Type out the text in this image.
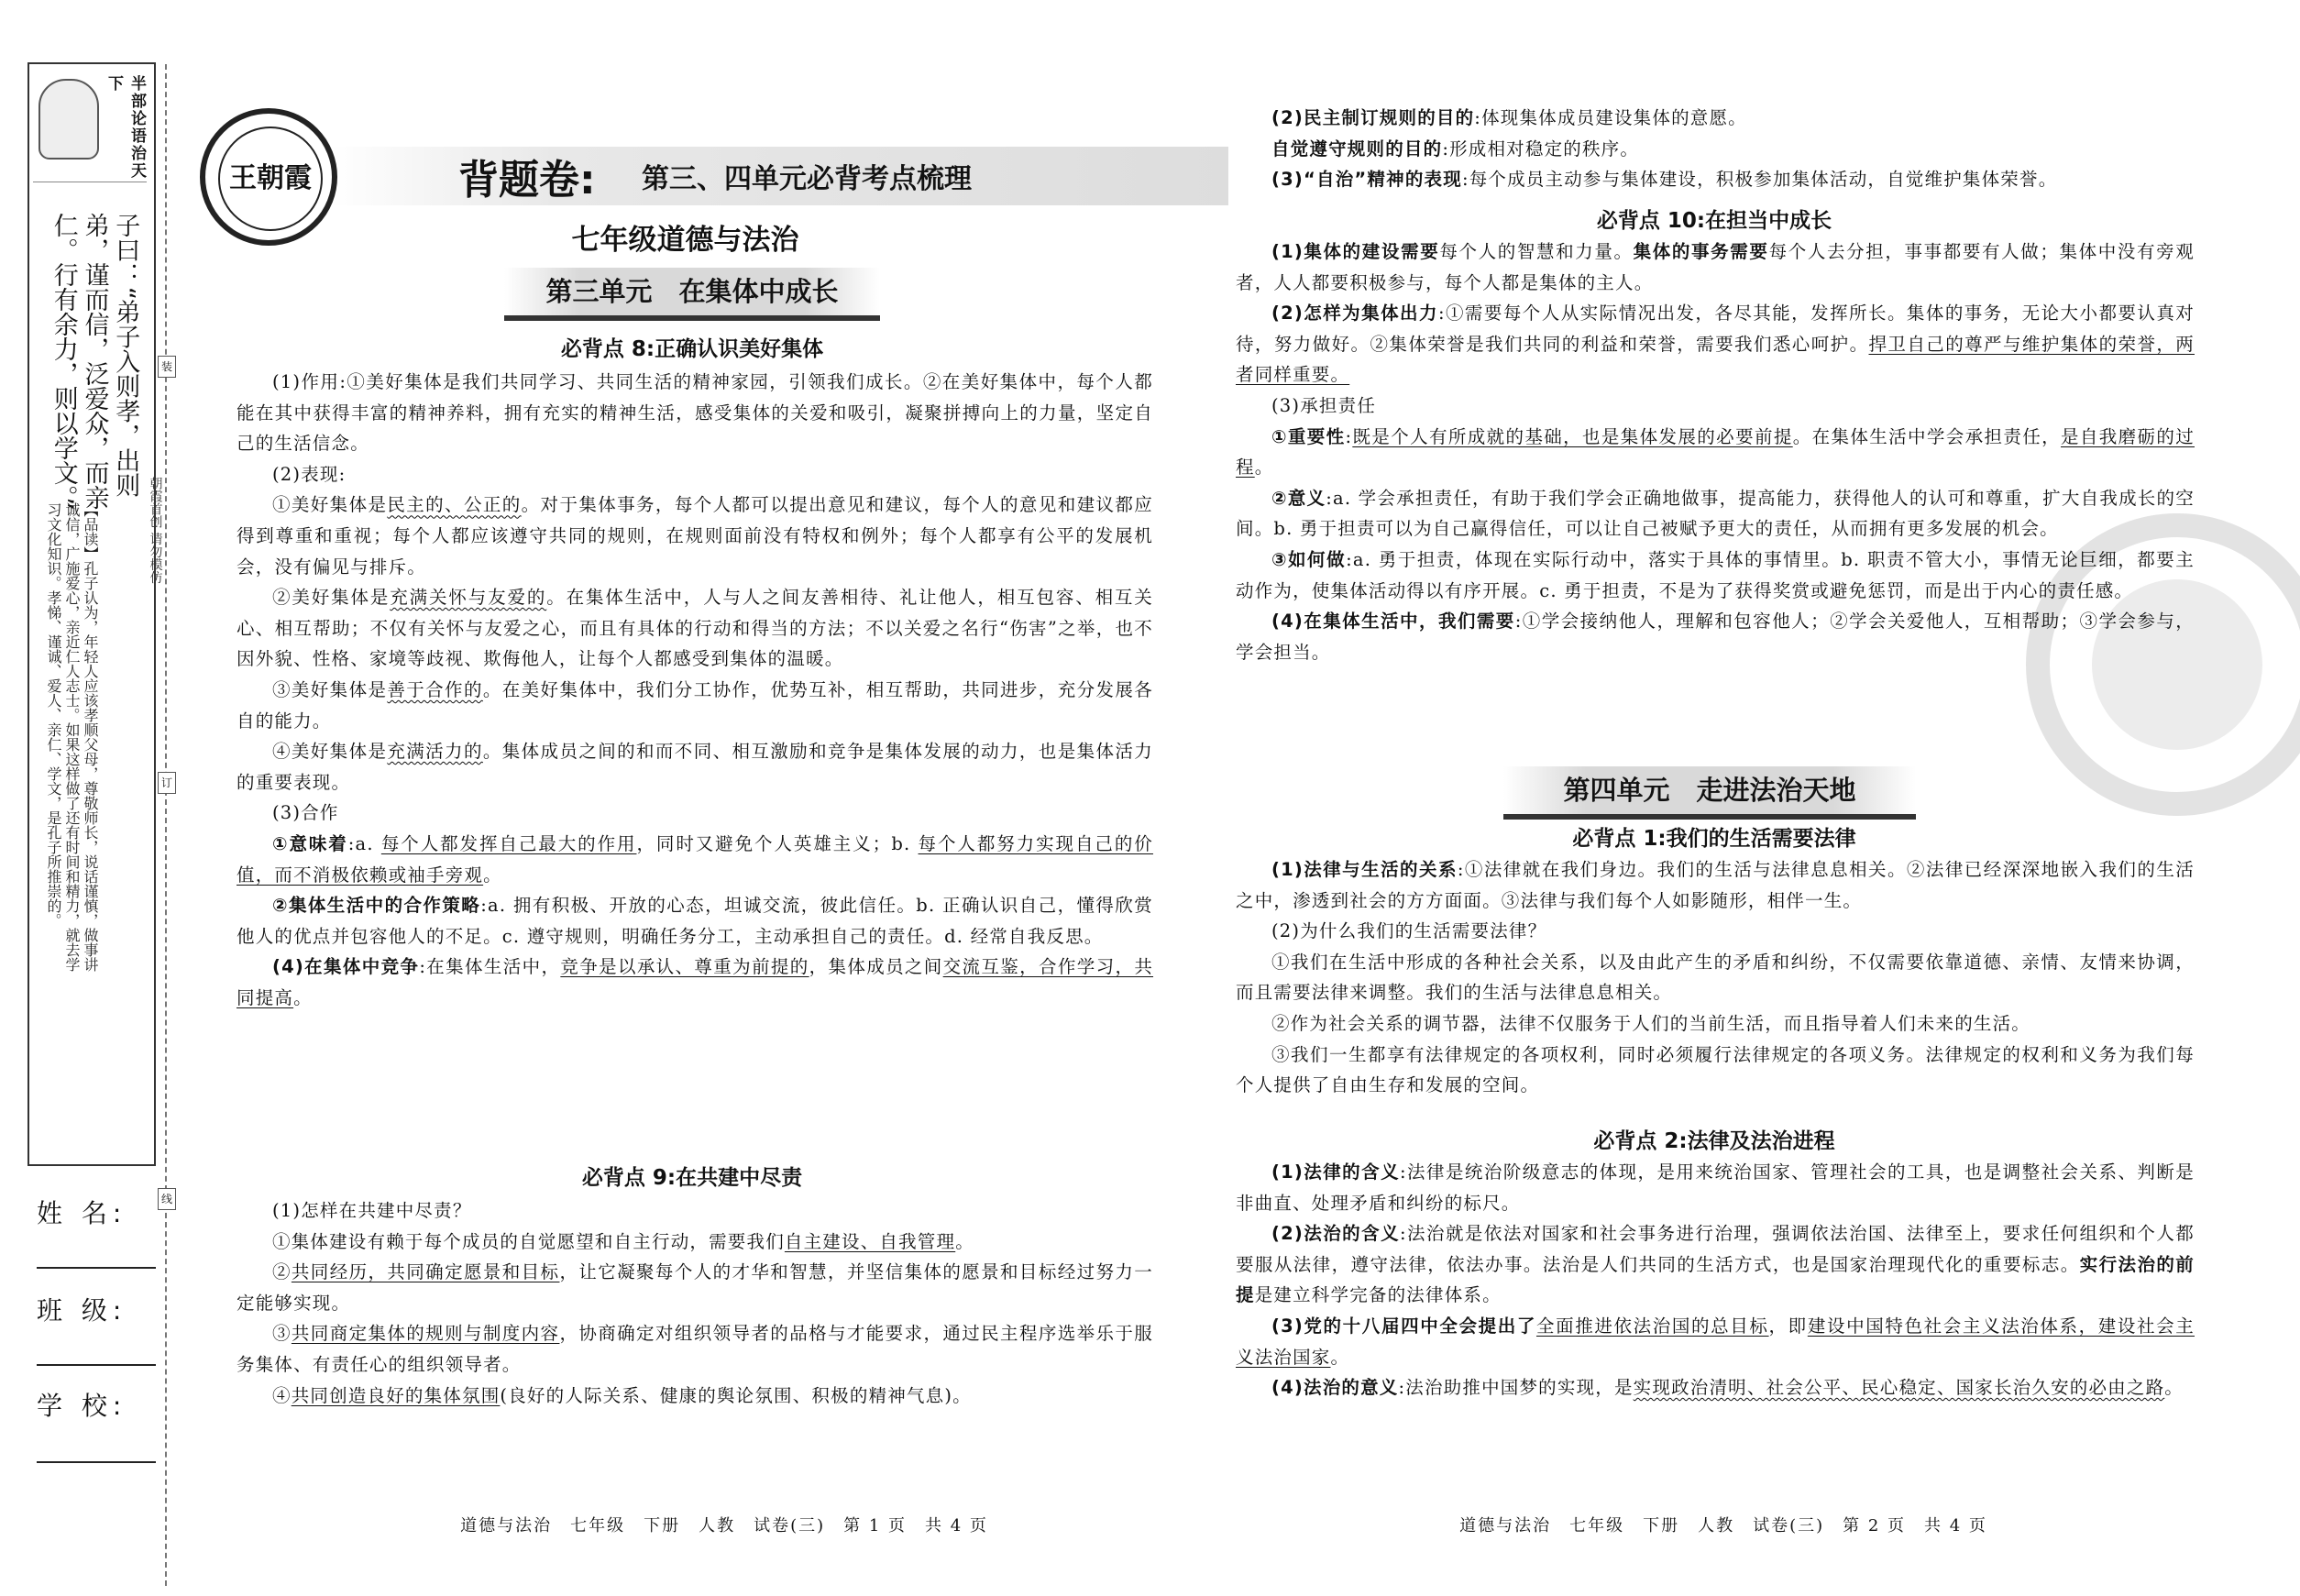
半部论语治天下
子曰：“弟子入则孝，出则弟，谨而信，泛爱众，而亲仁。行有余力，则以学文。”
【品读】孔子认为，年轻人应该孝顺父母，尊敬师长，说话谨慎，做事讲诚信，广施爱心，亲近仁人志士。如果这样做了还有时间和精力，就去学习文化知识。孝悌、谨诚、爱人、亲仁、学文，是孔子所推崇的。	朝霞首创 请勿模仿
装
订
线
姓 名:
班 级:
学 校:
王朝霞	背题卷: 第三、四单元必背考点梳理
七年级道德与法治
第三单元　在集体中成长
必背点 8:正确认识美好集体

(1)作用:①美好集体是我们共同学习、共同生活的精神家园，引领我们成长。②在美好集体中，每个人都能在其中获得丰富的精神养料，拥有充实的精神生活，感受集体的关爱和吸引，凝聚拼搏向上的力量，坚定自己的生活信念。

(2)表现:

①美好集体是民主的、公正的。对于集体事务，每个人都可以提出意见和建议，每个人的意见和建议都应得到尊重和重视；每个人都应该遵守共同的规则，在规则面前没有特权和例外；每个人都享有公平的发展机会，没有偏见与排斥。

②美好集体是充满关怀与友爱的。在集体生活中，人与人之间友善相待、礼让他人，相互包容、相互关心、相互帮助；不仅有关怀与友爱之心，而且有具体的行动和得当的方法；不以关爱之名行“伤害”之举，也不因外貌、性格、家境等歧视、欺侮他人，让每个人都感受到集体的温暖。

③美好集体是善于合作的。在美好集体中，我们分工协作，优势互补，相互帮助，共同进步，充分发展各自的能力。

④美好集体是充满活力的。集体成员之间的和而不同、相互激励和竞争是集体发展的动力，也是集体活力的重要表现。

(3)合作

①意味着:a. 每个人都发挥自己最大的作用，同时又避免个人英雄主义；b. 每个人都努力实现自己的价值，而不消极依赖或袖手旁观。

②集体生活中的合作策略:a. 拥有积极、开放的心态，坦诚交流，彼此信任。b. 正确认识自己，懂得欣赏他人的优点并包容他人的不足。c. 遵守规则，明确任务分工，主动承担自己的责任。d. 经常自我反思。

(4)在集体中竞争:在集体生活中，竞争是以承认、尊重为前提的，集体成员之间交流互鉴，合作学习，共同提高。

必背点 9:在共建中尽责

(1)怎样在共建中尽责？

①集体建设有赖于每个成员的自觉愿望和自主行动，需要我们自主建设、自我管理。

②共同经历，共同确定愿景和目标，让它凝聚每个人的才华和智慧，并坚信集体的愿景和目标经过努力一定能够实现。

③共同商定集体的规则与制度内容，协商确定对组织领导者的品格与才能要求，通过民主程序选举乐于服务集体、有责任心的组织领导者。

④共同创造良好的集体氛围(良好的人际关系、健康的舆论氛围、积极的精神气息)。

道德与法治　七年级　下册　人教　试卷(三)　第 1 页　共 4 页

(2)民主制订规则的目的:体现集体成员建设集体的意愿。

自觉遵守规则的目的:形成相对稳定的秩序。

(3)“自治”精神的表现:每个成员主动参与集体建设，积极参加集体活动，自觉维护集体荣誉。

必背点 10:在担当中成长

(1)集体的建设需要每个人的智慧和力量。集体的事务需要每个人去分担，事事都要有人做；集体中没有旁观者，人人都要积极参与，每个人都是集体的主人。

(2)怎样为集体出力:①需要每个人从实际情况出发，各尽其能，发挥所长。集体的事务，无论大小都要认真对待，努力做好。②集体荣誉是我们共同的利益和荣誉，需要我们悉心呵护。捍卫自己的尊严与维护集体的荣誉，两者同样重要。

(3)承担责任

①重要性:既是个人有所成就的基础，也是集体发展的必要前提。在集体生活中学会承担责任，是自我磨砺的过程。

②意义:a. 学会承担责任，有助于我们学会正确地做事，提高能力，获得他人的认可和尊重，扩大自我成长的空间。b. 勇于担责可以为自己赢得信任，可以让自己被赋予更大的责任，从而拥有更多发展的机会。

③如何做:a. 勇于担责，体现在实际行动中，落实于具体的事情里。b. 职责不管大小，事情无论巨细，都要主动作为，使集体活动得以有序开展。c. 勇于担责，不是为了获得奖赏或避免惩罚，而是出于内心的责任感。

(4)在集体生活中，我们需要:①学会接纳他人，理解和包容他人；②学会关爱他人，互相帮助；③学会参与，学会担当。

第四单元　走进法治天地
必背点 1:我们的生活需要法律

(1)法律与生活的关系:①法律就在我们身边。我们的生活与法律息息相关。②法律已经深深地嵌入我们的生活之中，渗透到社会的方方面面。③法律与我们每个人如影随形，相伴一生。

(2)为什么我们的生活需要法律？

①我们在生活中形成的各种社会关系，以及由此产生的矛盾和纠纷，不仅需要依靠道德、亲情、友情来协调，而且需要法律来调整。我们的生活与法律息息相关。

②作为社会关系的调节器，法律不仅服务于人们的当前生活，而且指导着人们未来的生活。

③我们一生都享有法律规定的各项权利，同时必须履行法律规定的各项义务。法律规定的权利和义务为我们每个人提供了自由生存和发展的空间。

必背点 2:法律及法治进程

(1)法律的含义:法律是统治阶级意志的体现，是用来统治国家、管理社会的工具，也是调整社会关系、判断是非曲直、处理矛盾和纠纷的标尺。

(2)法治的含义:法治就是依法对国家和社会事务进行治理，强调依法治国、法律至上，要求任何组织和个人都要服从法律，遵守法律，依法办事。法治是人们共同的生活方式，也是国家治理现代化的重要标志。实行法治的前提是建立科学完备的法律体系。

(3)党的十八届四中全会提出了全面推进依法治国的总目标，即建设中国特色社会主义法治体系，建设社会主义法治国家。

(4)法治的意义:法治助推中国梦的实现，是实现政治清明、社会公平、民心稳定、国家长治久安的必由之路。

道德与法治　七年级　下册　人教　试卷(三)　第 2 页　共 4 页
